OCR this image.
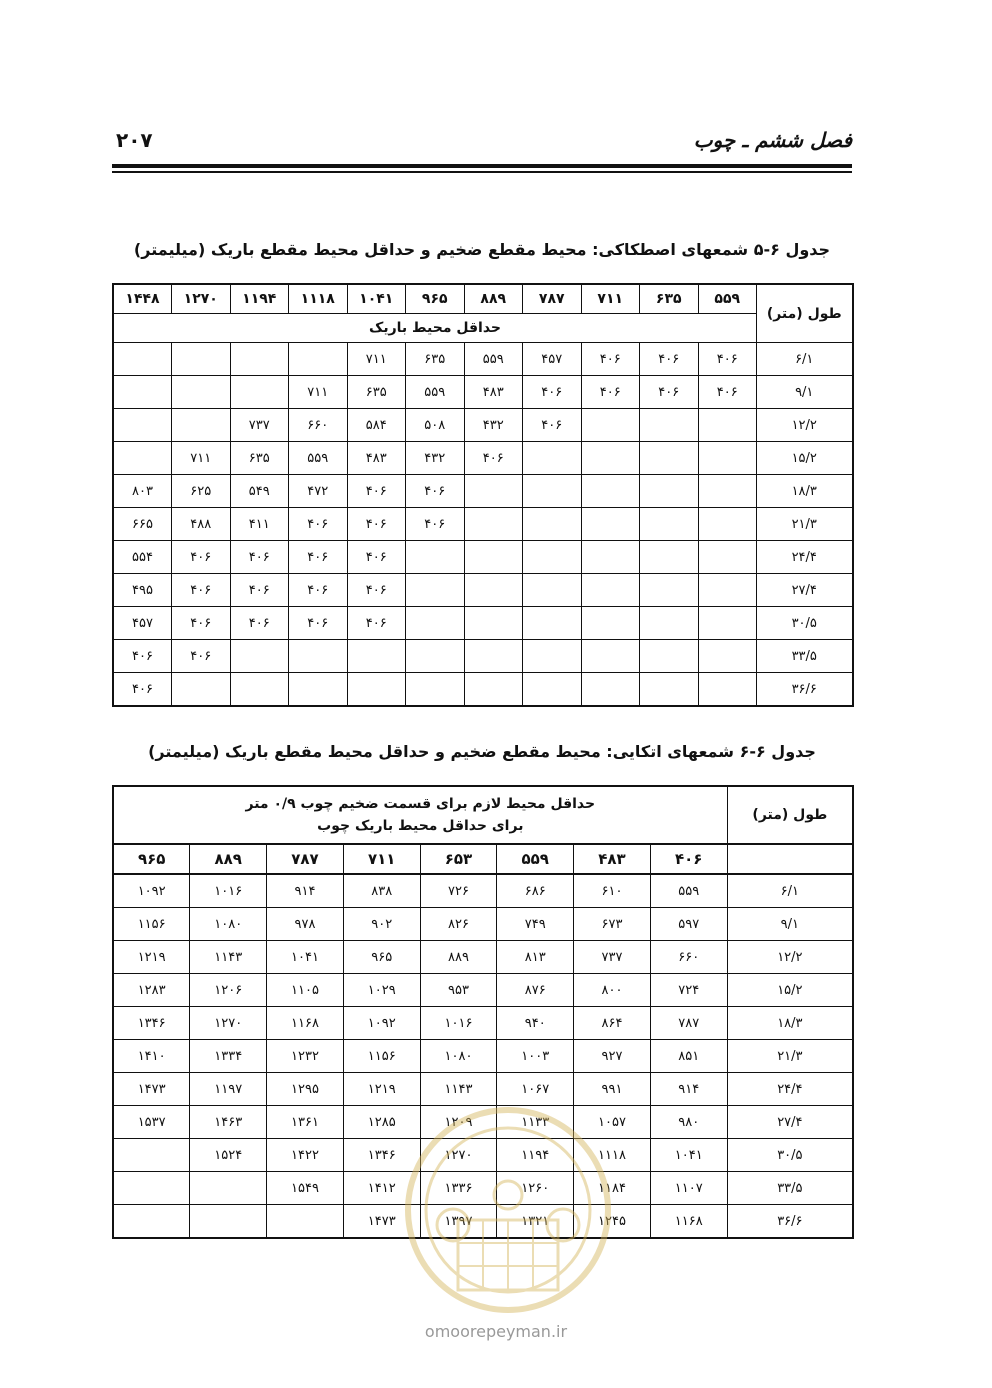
۲۰۷	فصل ششم ـ چوب
جدول ۶-۵ شمعهای اصطکاکی: محیط مقطع ضخیم و حداقل محیط مقطع باریک (میلیمتر)
طول (متر)	۵۵۹	۶۳۵	۷۱۱	۷۸۷	۸۸۹	۹۶۵	۱۰۴۱	۱۱۱۸	۱۱۹۴	۱۲۷۰	۱۴۴۸
	حداقل محیط باریک										
۶/۱	۴۰۶	۴۰۶	۴۰۶	۴۵۷	۵۵۹	۶۳۵	۷۱۱				
۹/۱	۴۰۶	۴۰۶	۴۰۶	۴۰۶	۴۸۳	۵۵۹	۶۳۵	۷۱۱			
۱۲/۲				۴۰۶	۴۳۲	۵۰۸	۵۸۴	۶۶۰	۷۳۷		
۱۵/۲					۴۰۶	۴۳۲	۴۸۳	۵۵۹	۶۳۵	۷۱۱	
۱۸/۳						۴۰۶	۴۰۶	۴۷۲	۵۴۹	۶۲۵	۸۰۳
۲۱/۳						۴۰۶	۴۰۶	۴۰۶	۴۱۱	۴۸۸	۶۶۵
۲۴/۴							۴۰۶	۴۰۶	۴۰۶	۴۰۶	۵۵۴
۲۷/۴							۴۰۶	۴۰۶	۴۰۶	۴۰۶	۴۹۵
۳۰/۵							۴۰۶	۴۰۶	۴۰۶	۴۰۶	۴۵۷
۳۳/۵										۴۰۶	۴۰۶
۳۶/۶											۴۰۶
جدول ۶-۶ شمعهای اتکایی: محیط مقطع ضخیم و حداقل محیط مقطع باریک (میلیمتر)
طول (متر)	حداقل محیط لازم برای قسمت ضخیم چوب ۰/۹ متر
برای حداقل محیط باریک چوب							

	۴۰۶	۴۸۳	۵۵۹	۶۵۳	۷۱۱	۷۸۷	۸۸۹	۹۶۵
۶/۱	۵۵۹	۶۱۰	۶۸۶	۷۲۶	۸۳۸	۹۱۴	۱۰۱۶	۱۰۹۲
۹/۱	۵۹۷	۶۷۳	۷۴۹	۸۲۶	۹۰۲	۹۷۸	۱۰۸۰	۱۱۵۶
۱۲/۲	۶۶۰	۷۳۷	۸۱۳	۸۸۹	۹۶۵	۱۰۴۱	۱۱۴۳	۱۲۱۹
۱۵/۲	۷۲۴	۸۰۰	۸۷۶	۹۵۳	۱۰۲۹	۱۱۰۵	۱۲۰۶	۱۲۸۳
۱۸/۳	۷۸۷	۸۶۴	۹۴۰	۱۰۱۶	۱۰۹۲	۱۱۶۸	۱۲۷۰	۱۳۴۶
۲۱/۳	۸۵۱	۹۲۷	۱۰۰۳	۱۰۸۰	۱۱۵۶	۱۲۳۲	۱۳۳۴	۱۴۱۰
۲۴/۴	۹۱۴	۹۹۱	۱۰۶۷	۱۱۴۳	۱۲۱۹	۱۲۹۵	۱۱۹۷	۱۴۷۳
۲۷/۴	۹۸۰	۱۰۵۷	۱۱۳۳	۱۲۰۹	۱۲۸۵	۱۳۶۱	۱۴۶۳	۱۵۳۷
۳۰/۵	۱۰۴۱	۱۱۱۸	۱۱۹۴	۱۲۷۰	۱۳۴۶	۱۴۲۲	۱۵۲۴	
۳۳/۵	۱۱۰۷	۱۱۸۴	۱۲۶۰	۱۳۳۶	۱۴۱۲	۱۵۴۹		
۳۶/۶	۱۱۶۸	۱۲۴۵	۱۳۲۱	۱۳۹۷	۱۴۷۳			
omoorepeyman.ir
